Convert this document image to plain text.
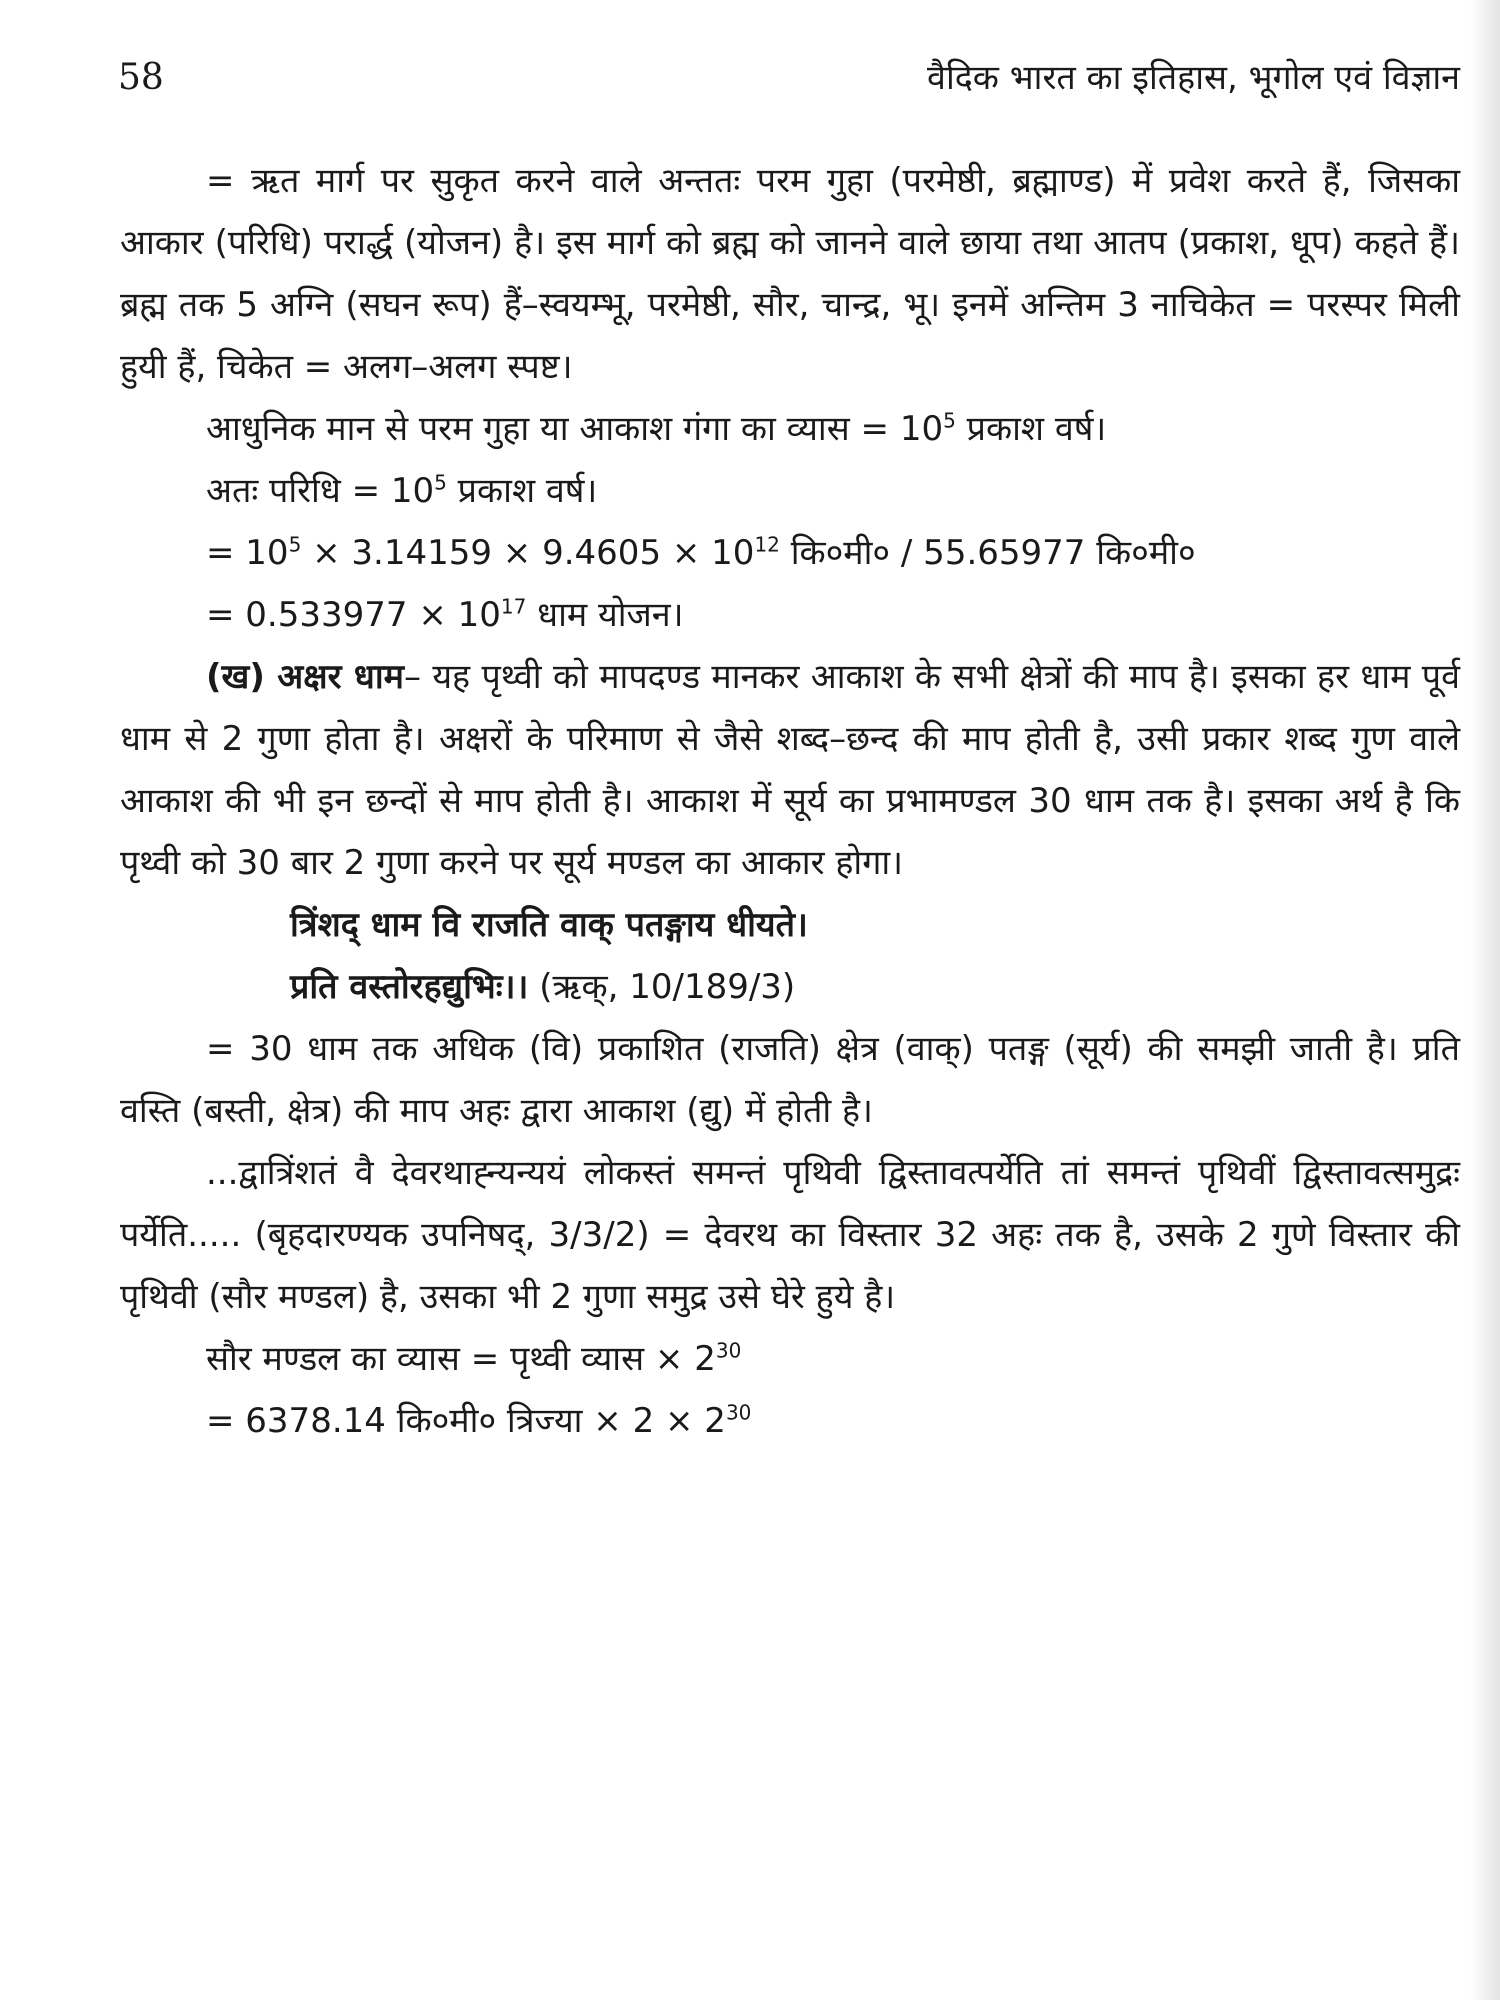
58	वैदिक भारत का इतिहास, भूगोल एवं विज्ञान

= ऋत मार्ग पर सुकृत करने वाले अन्ततः परम गुहा (परमेष्ठी, ब्रह्माण्ड) में प्रवेश करते हैं, जिसका आकार (परिधि) परार्द्ध (योजन) है। इस मार्ग को ब्रह्म को जानने वाले छाया तथा आतप (प्रकाश, धूप) कहते हैं। ब्रह्म तक 5 अग्नि (सघन रूप) हैं–स्वयम्भू, परमेष्ठी, सौर, चान्द्र, भू। इनमें अन्तिम 3 नाचिकेत = परस्पर मिली हुयी हैं, चिकेत = अलग–अलग स्पष्ट।

आधुनिक मान से परम गुहा या आकाश गंगा का व्यास = $10^5$ प्रकाश वर्ष।

अतः परिधि = $10^5$ प्रकाश वर्ष।

= $10^5 \times 3.14159 \times 9.4605 \times 10^{12}$ कि०मी० / 55.65977 कि०मी०

= $0.533977 \times 10^{17}$ धाम योजन।

(ख) अक्षर धाम– यह पृथ्वी को मापदण्ड मानकर आकाश के सभी क्षेत्रों की माप है। इसका हर धाम पूर्व धाम से 2 गुणा होता है। अक्षरों के परिमाण से जैसे शब्द–छन्द की माप होती है, उसी प्रकार शब्द गुण वाले आकाश की भी इन छन्दों से माप होती है। आकाश में सूर्य का प्रभामण्डल 30 धाम तक है। इसका अर्थ है कि पृथ्वी को 30 बार 2 गुणा करने पर सूर्य मण्डल का आकार होगा।

त्रिंशद् धाम वि राजति वाक् पतङ्गाय धीयते।

प्रति वस्तोरहद्युभिः।। (ऋक्, 10/189/3)

= 30 धाम तक अधिक (वि) प्रकाशित (राजति) क्षेत्र (वाक्) पतङ्ग (सूर्य) की समझी जाती है। प्रति वस्ति (बस्ती, क्षेत्र) की माप अहः द्वारा आकाश (द्यु) में होती है।

...द्वात्रिंशतं वै देवरथाह्न्यन्ययं लोकस्तं समन्तं पृथिवी द्विस्तावत्पर्येति तां समन्तं पृथिवीं द्विस्तावत्समुद्रः पर्येति..... (बृहदारण्यक उपनिषद्, 3/3/2) = देवरथ का विस्तार 32 अहः तक है, उसके 2 गुणे विस्तार की पृथिवी (सौर मण्डल) है, उसका भी 2 गुणा समुद्र उसे घेरे हुये है।

सौर मण्डल का व्यास = पृथ्वी व्यास × $2^{30}$

= 6378.14 कि०मी० त्रिज्या × $2 \times 2^{30}$
